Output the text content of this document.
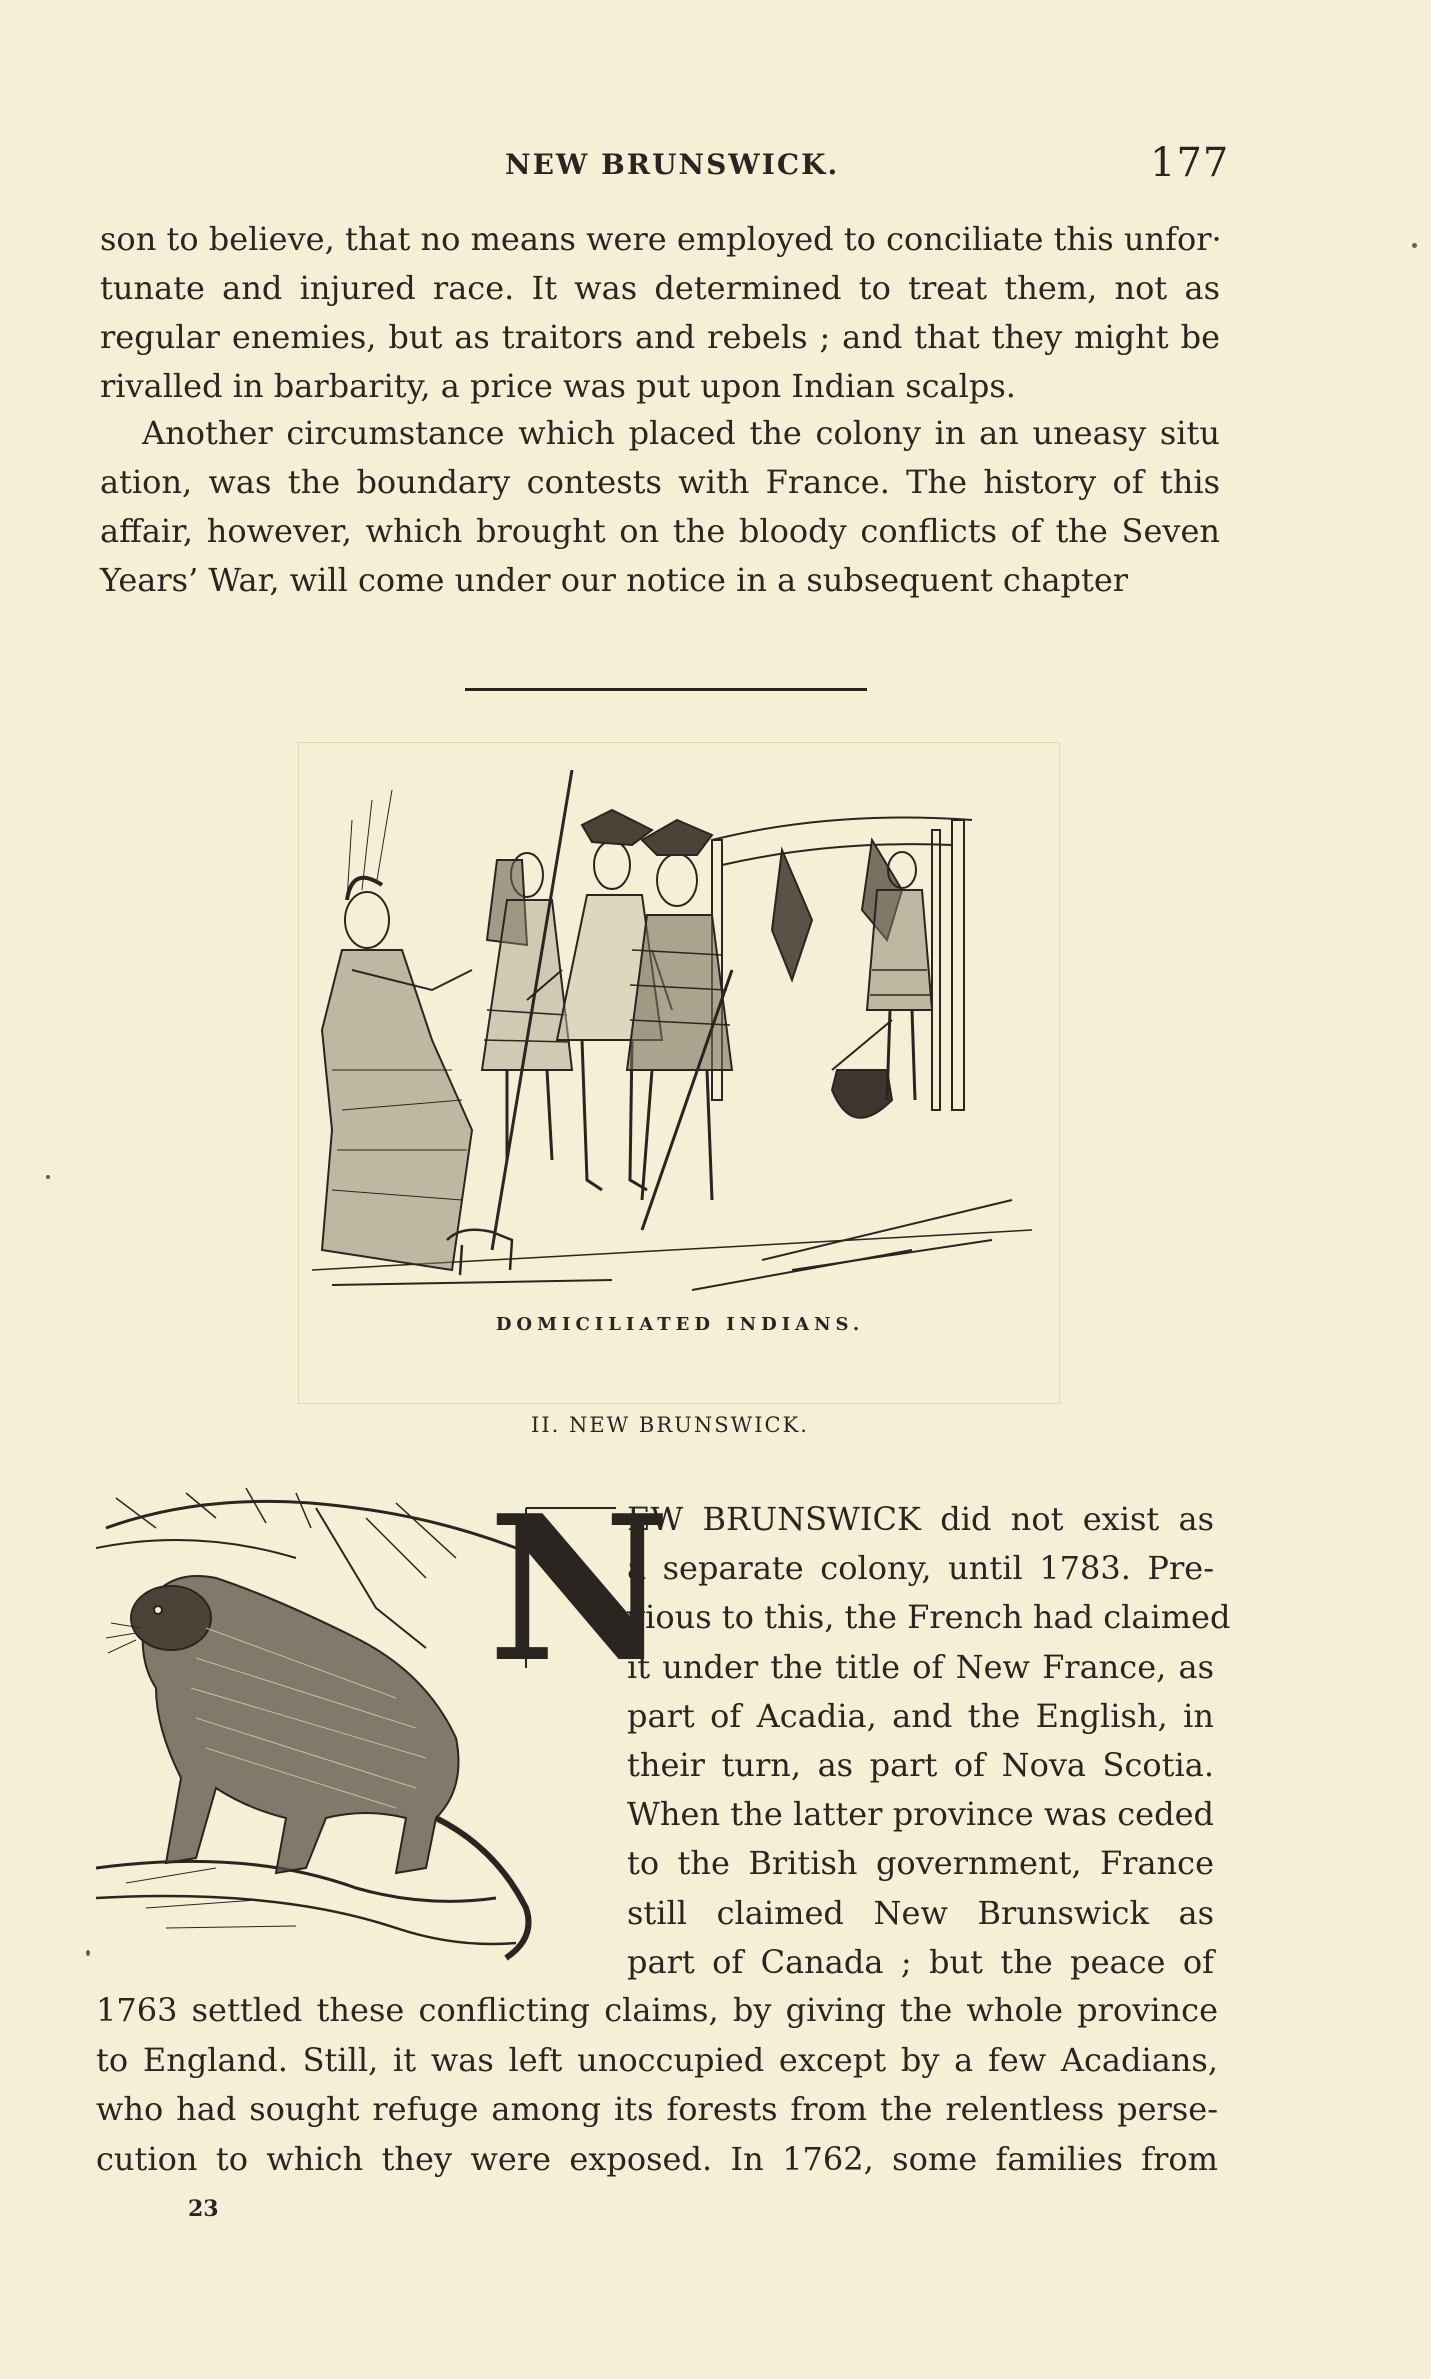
NEW BRUNSWICK.	177
son to believe, that no means were employed to conciliate this unfor·
tunate and injured race. It was determined to treat them, not as
regular enemies, but as traitors and rebels ; and that they might be
rivalled in barbarity, a price was put upon Indian scalps.
Another circumstance which placed the colony in an uneasy situ
ation, was the boundary contests with France. The history of this
affair, however, which brought on the bloody conflicts of the Seven
Years’ War, will come under our notice in a subsequent chapter
DOMICILIATED INDIANS.
II. NEW BRUNSWICK.
N
EW BRUNSWICK did not exist as
a separate colony, until 1783. Pre-
vious to this, the French had claimed
it under the title of New France, as
part of Acadia, and the English, in
their turn, as part of Nova Scotia.
When the latter province was ceded
to the British government, France
still claimed New Brunswick as
part of Canada ; but the peace of
1763 settled these conflicting claims, by giving the whole province
to England. Still, it was left unoccupied except by a few Acadians,
who had sought refuge among its forests from the relentless perse-
cution to which they were exposed. In 1762, some families from
23
